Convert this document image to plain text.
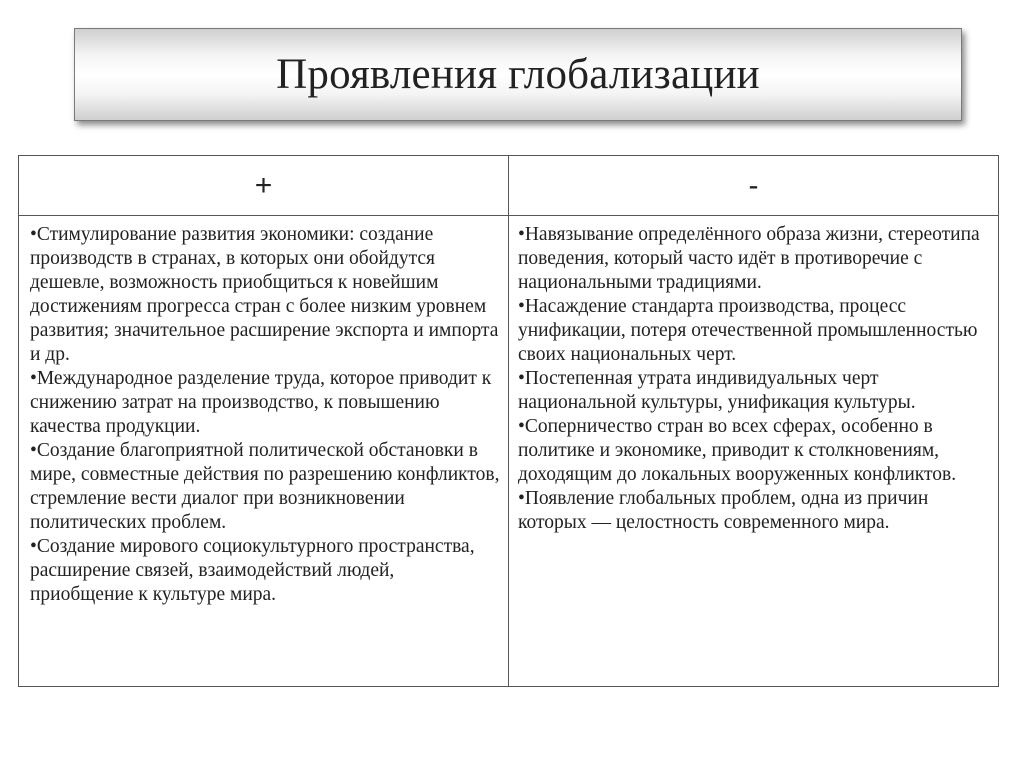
Проявления глобализации
+	-

•Стимулирование развития экономики: создание производств в странах, в которых они обойдутся дешевле, возможность приобщиться к новейшим достижениям прогресса стран с более низким уровнем развития; значительное расширение экспорта и импорта и др.

•Международное разделение труда, которое приводит к снижению затрат на производство, к повышению качества продукции.

•Создание благоприятной политической обстановки в мире, совместные действия по разрешению конфликтов, стремление вести диалог при возникновении политических проблем.

•Создание мирового социокультурного пространства, расширение связей, взаимодействий людей, приобщение к культуре мира.

•Навязывание определённого образа жизни, стереотипа поведения, который часто идёт в противоречие с национальными традициями.

•Насаждение стандарта производства, процесс унификации, потеря отечественной промышленностью своих национальных черт.

•Постепенная утрата индивидуальных черт национальной культуры, унификация культуры.

•Соперничество стран во всех сферах, особенно в политике и экономике, приводит к столкновениям, доходящим до локальных вооруженных конфликтов.

•Появление глобальных проблем, одна из причин которых — целостность современного мира.
